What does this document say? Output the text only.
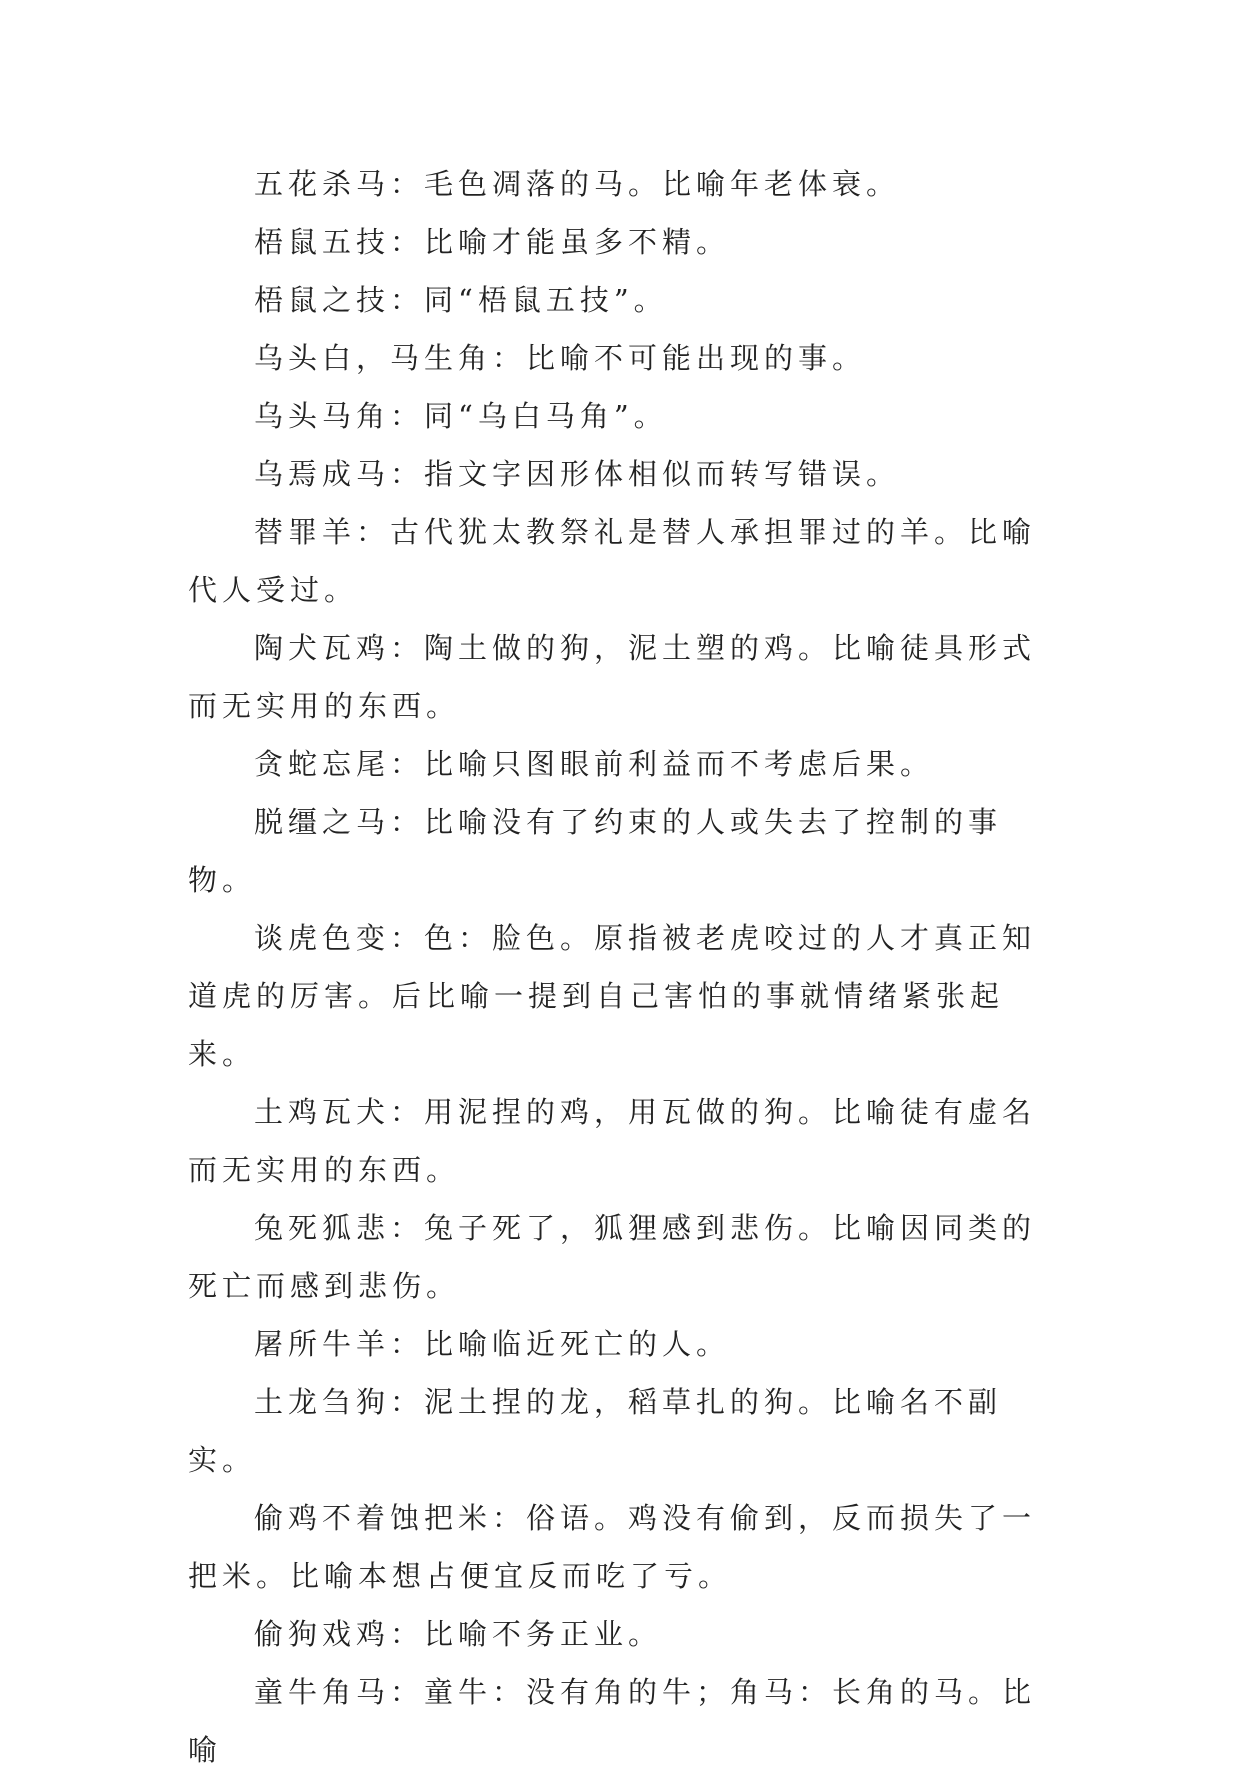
五花杀马：毛色凋落的马。比喻年老体衰。

梧鼠五技：比喻才能虽多不精。

梧鼠之技：同“梧鼠五技”。

乌头白，马生角：比喻不可能出现的事。

乌头马角：同“乌白马角”。

乌焉成马：指文字因形体相似而转写错误。

替罪羊：古代犹太教祭礼是替人承担罪过的羊。比喻代人受过。

陶犬瓦鸡：陶土做的狗，泥土塑的鸡。比喻徒具形式而无实用的东西。

贪蛇忘尾：比喻只图眼前利益而不考虑后果。

脱缰之马：比喻没有了约束的人或失去了控制的事物。

谈虎色变：色：脸色。原指被老虎咬过的人才真正知道虎的厉害。后比喻一提到自己害怕的事就情绪紧张起来。

土鸡瓦犬：用泥捏的鸡，用瓦做的狗。比喻徒有虚名而无实用的东西。

兔死狐悲：兔子死了，狐狸感到悲伤。比喻因同类的死亡而感到悲伤。

屠所牛羊：比喻临近死亡的人。

土龙刍狗：泥土捏的龙，稻草扎的狗。比喻名不副实。

偷鸡不着蚀把米：俗语。鸡没有偷到，反而损失了一把米。比喻本想占便宜反而吃了亏。

偷狗戏鸡：比喻不务正业。

童牛角马：童牛：没有角的牛；角马：长角的马。比喻
